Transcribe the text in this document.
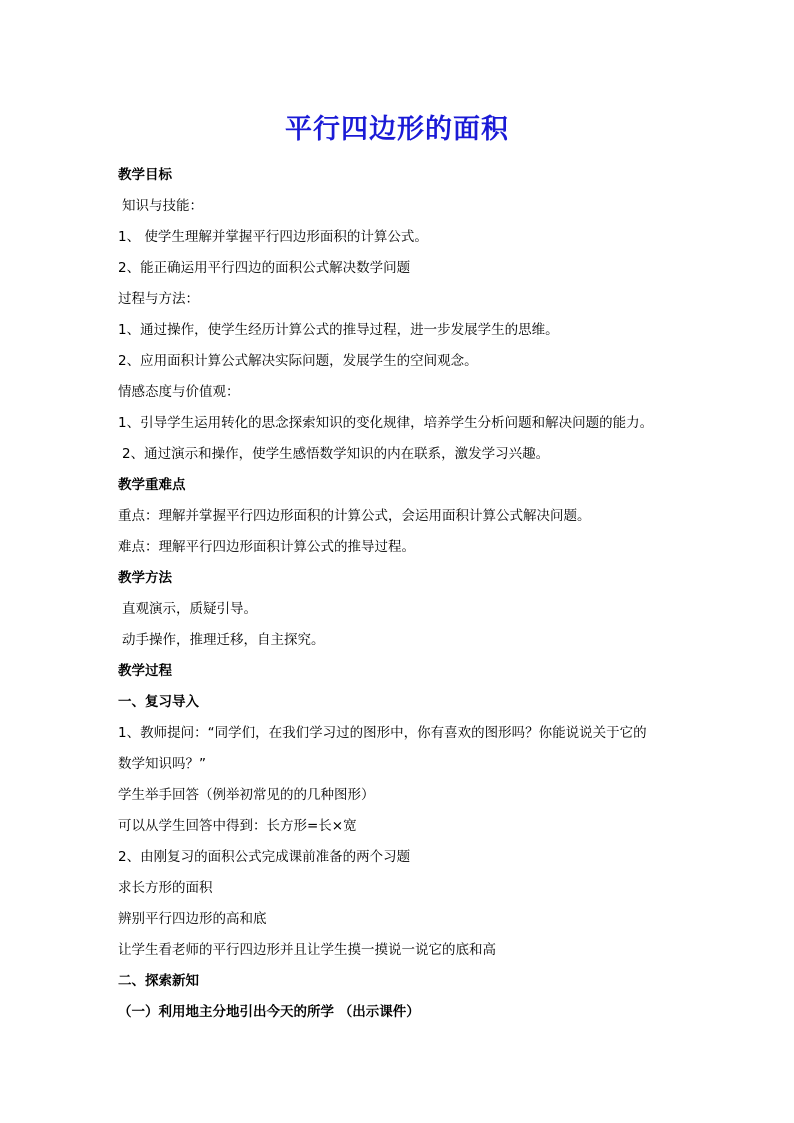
平行四边形的面积
教学目标
知识与技能：
1、 使学生理解并掌握平行四边形面积的计算公式。
2、能正确运用平行四边的面积公式解决数学问题
过程与方法：
1、通过操作，使学生经历计算公式的推导过程，进一步发展学生的思维。
2、应用面积计算公式解决实际问题，发展学生的空间观念。
情感态度与价值观：
1、引导学生运用转化的思念探索知识的变化规律，培养学生分析问题和解决问题的能力。
2、通过演示和操作，使学生感悟数学知识的内在联系，激发学习兴趣。
教学重难点
重点：理解并掌握平行四边形面积的计算公式，会运用面积计算公式解决问题。
难点：理解平行四边形面积计算公式的推导过程。
教学方法
直观演示，质疑引导。
动手操作，推理迁移，自主探究。
教学过程
一、复习导入
1、教师提问：“同学们，在我们学习过的图形中，你有喜欢的图形吗？你能说说关于它的
数学知识吗？”
学生举手回答（例举初常见的的几种图形）
可以从学生回答中得到：长方形=长×宽
2、由刚复习的面积公式完成课前准备的两个习题
求长方形的面积
辨别平行四边形的高和底
让学生看老师的平行四边形并且让学生摸一摸说一说它的底和高
二、探索新知
（一）利用地主分地引出今天的所学 （出示课件）
